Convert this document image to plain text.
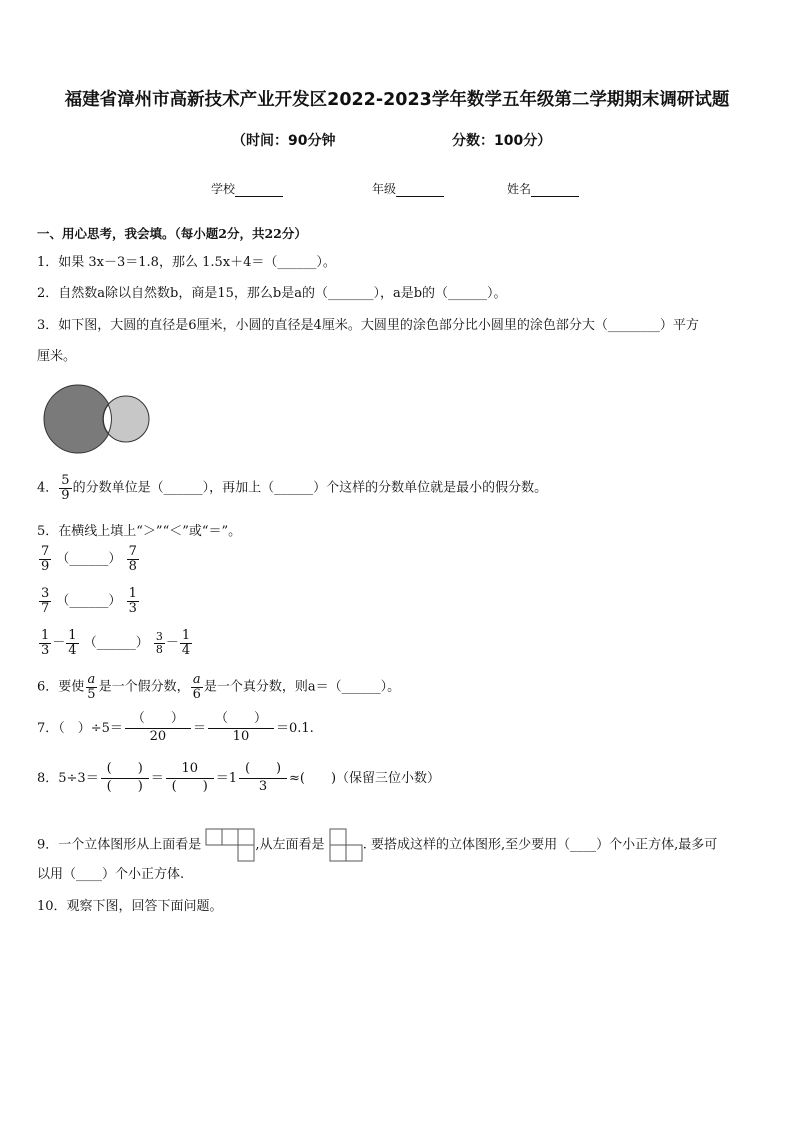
福建省漳州市高新技术产业开发区2022-2023学年数学五年级第二学期期末调研试题
（时间：90分钟	分数：100分）
学校	年级	姓名
一、用心思考，我会填。（每小题2分，共22分）
1．如果 3x－3＝1.8，那么 1.5x＋4＝（______）。
2．自然数a除以自然数b，商是15，那么b是a的（_______），a是b的（______）。
3．如下图，大圆的直径是6厘米，小圆的直径是4厘米。大圆里的涂色部分比小圆里的涂色部分大（________）平方
厘米。
4． $\frac{5}{9}$ 的分数单位是（______），再加上（______）个这样的分数单位就是最小的假分数。
5．在横线上填上“＞”“＜”或“＝”。
$\frac{7}{9}$ （______） $\frac{7}{8}$
$\frac{3}{7}$ （______） $\frac{1}{3}$
$\frac{1}{3} - \frac{1}{4}$ （______） $\frac{3}{8} - \frac{1}{4}$
6．要使 $\frac{a}{5}$ 是一个假分数， $\frac{a}{6}$ 是一个真分数，则a＝（______）。
7．（　）÷5＝
（　　）
20
＝
（　　）
10
＝0.1.
8．5÷3＝
(　　)
(　　)
＝
10
(　　)
＝1
(　　)
3
≈(　　)（保留三位小数）
9．一个立体图形从上面看是	,从左面看是	. 要搭成这样的立体图形,至少要用（____）个小正方体,最多可
以用（____）个小正方体.
10．观察下图，回答下面问题。
